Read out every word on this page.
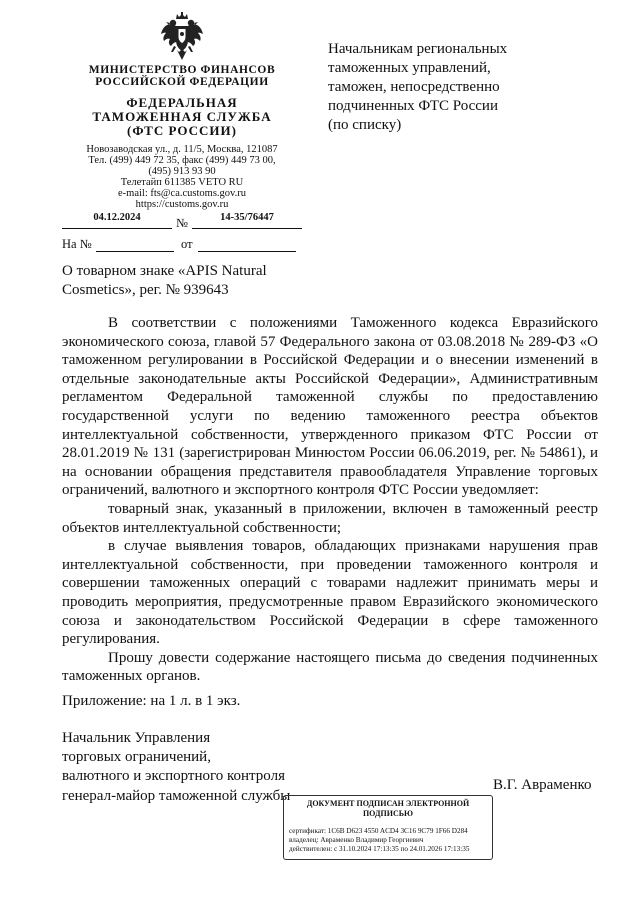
МИНИСТЕРСТВО ФИНАНСОВ
РОССИЙСКОЙ ФЕДЕРАЦИИ
ФЕДЕРАЛЬНАЯ
ТАМОЖЕННАЯ СЛУЖБА
(ФТС РОССИИ)
Новозаводская ул., д. 11/5, Москва, 121087
Тел. (499) 449 72 35, факс (499) 449 73 00,
(495) 913 93 90
Телетайп 611385 VETO RU
e-mail: fts@ca.customs.gov.ru
https://customs.gov.ru
04.12.2024	№	14-35/76447
На №	от
Начальникам региональных
таможенных управлений,
таможен, непосредственно
подчиненных ФТС России
(по списку)
О товарном знаке «APIS Natural
Cosmetics», рег. № 939643

В соответствии с положениями Таможенного кодекса Евразийского экономического союза, главой 57 Федерального закона от 03.08.2018 № 289-ФЗ «О таможенном регулировании в Российской Федерации и о внесении изменений в отдельные законодательные акты Российской Федерации», Административным регламентом Федеральной таможенной службы по предоставлению государственной услуги по ведению таможенного реестра объектов интеллектуальной собственности, утвержденного приказом ФТС России от 28.01.2019 № 131 (зарегистрирован Минюстом России 06.06.2019, рег. № 54861), и на основании обращения представителя правообладателя Управление торговых ограничений, валютного и экспортного контроля ФТС России уведомляет:

товарный знак, указанный в приложении, включен в таможенный реестр объектов интеллектуальной собственности;

в случае выявления товаров, обладающих признаками нарушения прав интеллектуальной собственности, при проведении таможенного контроля и совершении таможенных операций с товарами надлежит принимать меры и проводить мероприятия, предусмотренные правом Евразийского экономического союза и законодательством Российской Федерации в сфере таможенного регулирования.

Прошу довести содержание настоящего письма до сведения подчиненных таможенных органов.

Приложение: на 1 л. в 1 экз.
Начальник Управления
торговых ограничений,
валютного и экспортного контроля
генерал-майор таможенной службы
В.Г. Авраменко
ДОКУМЕНТ ПОДПИСАН ЭЛЕКТРОННОЙ
ПОДПИСЬЮ
сертификат: 1C6B D623 4550 ACD4 3C16 9C79 1F66 D284
владелец: Авраменко Владимир Георгиевич
действителен: с 31.10.2024 17:13:35 по 24.01.2026 17:13:35
